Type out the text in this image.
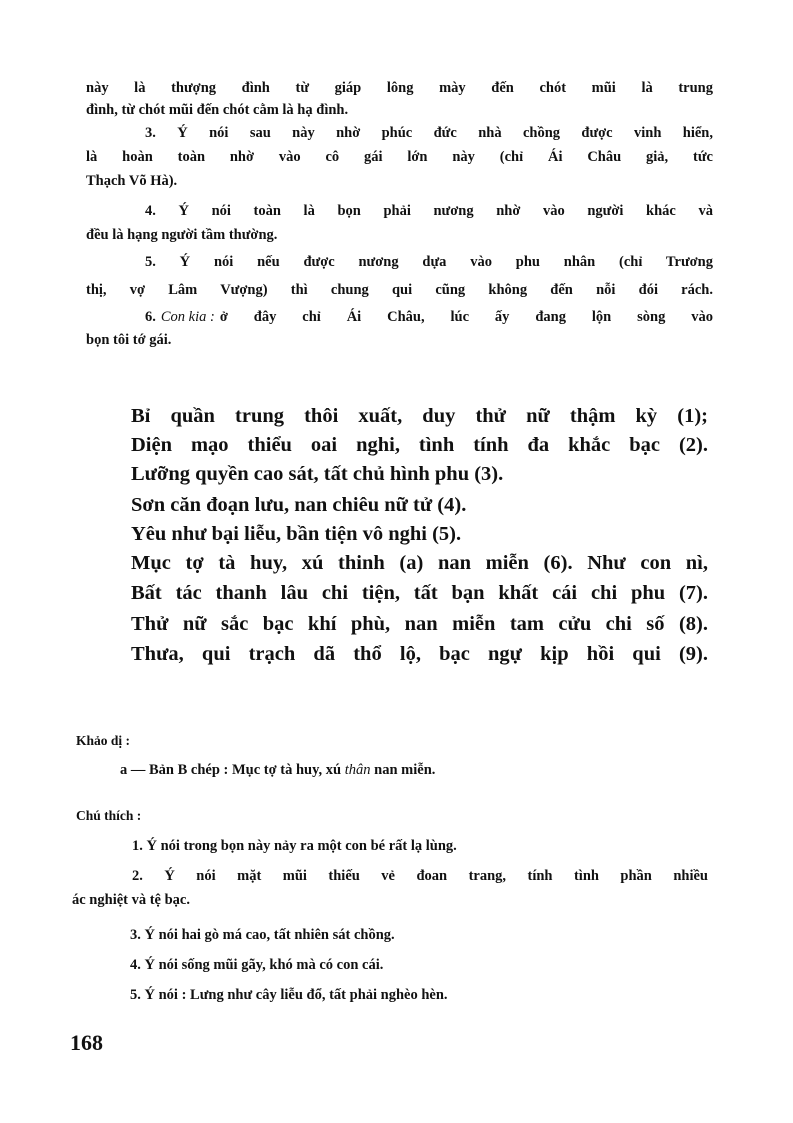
này là thượng đình từ giáp lông mày đến chót mũi là trung
đình, từ chót mũi đến chót cằm là hạ đình.
3. Ý nói sau này nhờ phúc đức nhà chồng được vinh hiển,
là hoàn toàn nhờ vào cô gái lớn này (chỉ Ái Châu giả, tức
Thạch Võ Hà).
4. Ý nói toàn là bọn phải nương nhờ vào người khác và
đều là hạng người tầm thường.
5. Ý nói nếu được nương dựa vào phu nhân (chỉ Trương
thị, vợ Lâm Vượng) thì chung qui cũng không đến nỗi đói rách.
6. Con kia : ở đây chỉ Ái Châu, lúc ấy đang lộn sòng vào
bọn tôi tớ gái.
Bỉ quần trung thôi xuất, duy thử nữ thậm kỳ (1);
Diện mạo thiểu oai nghi, tình tính đa khắc bạc (2).
Lưỡng quyền cao sát, tất chủ hình phu (3).
Sơn căn đoạn lưu, nan chiêu nữ tử (4).
Yêu như bại liễu, bần tiện vô nghi (5).
Mục tợ tà huy, xú thinh (a) nan miễn (6). Như con nì,
Bất tác thanh lâu chi tiện, tất bạn khất cái chi phu (7).
Thử nữ sắc bạc khí phù, nan miễn tam cửu chi số (8).
Thưa, qui trạch dã thổ lộ, bạc ngự kịp hồi qui (9).
Khảo dị :
a — Bản B chép : Mục tợ tà huy, xú thân nan miễn.
Chú thích :
1. Ý nói trong bọn này nảy ra một con bé rất lạ lùng.
2. Ý nói mặt mũi thiếu vẻ đoan trang, tính tình phần nhiều
ác nghiệt và tệ bạc.
3. Ý nói hai gò má cao, tất nhiên sát chồng.
4. Ý nói sống mũi gãy, khó mà có con cái.
5. Ý nói : Lưng như cây liễu đổ, tất phải nghèo hèn.
168
